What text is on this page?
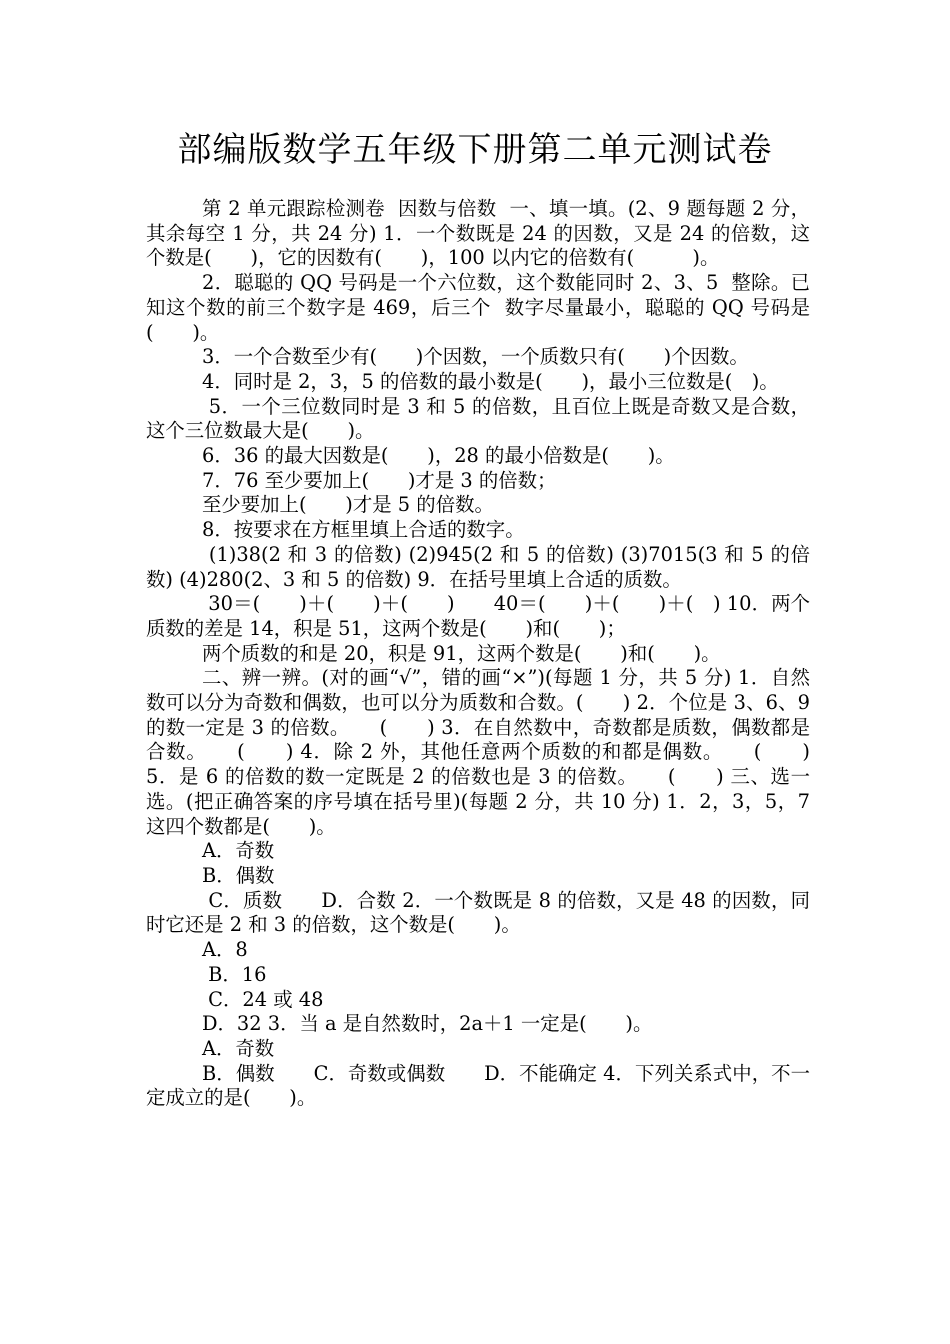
部编版数学五年级下册第二单元测试卷

第 2 单元跟踪检测卷  因数与倍数  一、填一填。(2、9 题每题 2 分，其余每空 1 分，共 24 分) 1．一个数既是 24 的因数，又是 24 的倍数，这个数是(　　)，它的因数有(　　)，100 以内它的倍数有(　　　)。

2．聪聪的 QQ 号码是一个六位数，这个数能同时 2、3、5  整除。已知这个数的前三个数字是 469，后三个  数字尽量最小，聪聪的 QQ 号码是(　　)。

3．一个合数至少有(　　)个因数，一个质数只有(　　)个因数。

4．同时是 2，3，5 的倍数的最小数是(　　)，最小三位数是(　)。

5．一个三位数同时是 3 和 5 的倍数，且百位上既是奇数又是合数，这个三位数最大是(　　)。

6．36 的最大因数是(　　)，28 的最小倍数是(　　)。

7．76 至少要加上(　　)才是 3 的倍数；

至少要加上(　　)才是 5 的倍数。

8．按要求在方框里填上合适的数字。

(1)38(2 和 3 的倍数) (2)945(2 和 5 的倍数) (3)7015(3 和 5 的倍数) (4)280(2、3 和 5 的倍数) 9．在括号里填上合适的质数。

30＝(　　)＋(　　)＋(　　)　　40＝(　　)＋(　　)＋(　) 10．两个质数的差是 14，积是 51，这两个数是(　　)和(　　)；

两个质数的和是 20，积是 91，这两个数是(　　)和(　　)。

二、辨一辨。(对的画“√”，错的画“×”)(每题 1 分，共 5 分) 1．自然数可以分为奇数和偶数，也可以分为质数和合数。(　　) 2．个位是 3、6、9 的数一定是 3 的倍数。　　(　　) 3．在自然数中，奇数都是质数，偶数都是合数。　　(　　) 4．除 2 外，其他任意两个质数的和都是偶数。　　(　　) 5．是 6 的倍数的数一定既是 2 的倍数也是 3 的倍数。　　(　　) 三、选一选。(把正确答案的序号填在括号里)(每题 2 分，共 10 分) 1．2，3，5，7 这四个数都是(　　)。

A．奇数

B．偶数

C．质数　　D．合数 2．一个数既是 8 的倍数，又是 48 的因数，同时它还是 2 和 3 的倍数，这个数是(　　)。

A．8

B．16

C．24 或 48

D．32 3．当 a 是自然数时，2a＋1 一定是(　　)。

A．奇数

B．偶数　　C．奇数或偶数　　D．不能确定 4．下列关系式中，不一定成立的是(　　)。
